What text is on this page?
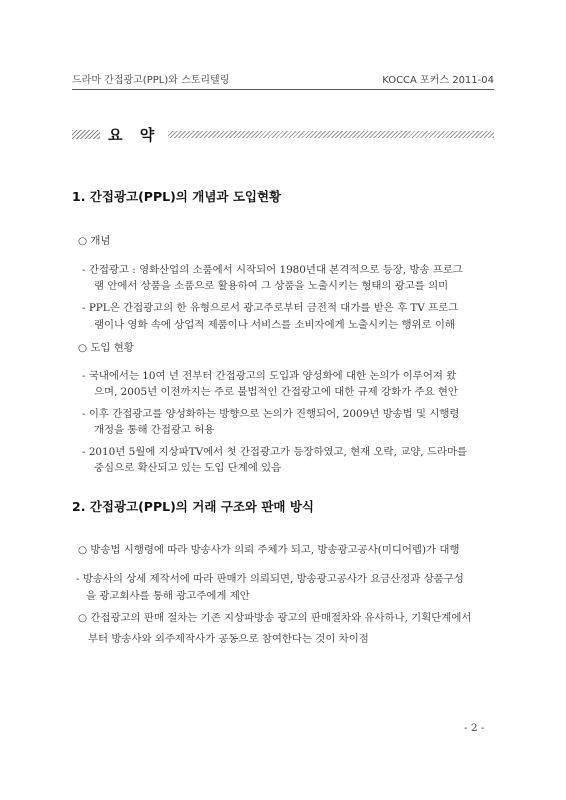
드라마 간접광고(PPL)와 스토리텔링	KOCCA 포커스 2011-04
요 약
1. 간접광고(PPL)의 개념과 도입현황
○ 개념
- 간접광고 : 영화산업의 소품에서 시작되어 1980년대 본격적으로 등장, 방송 프로그
램 안에서 상품을 소품으로 활용하여 그 상품을 노출시키는 형태의 광고를 의미
- PPL은 간접광고의 한 유형으로서 광고주로부터 금전적 대가를 받은 후 TV 프로그
램이나 영화 속에 상업적 제품이나 서비스를 소비자에게 노출시키는 행위로 이해
○ 도입 현황
- 국내에서는 10여 년 전부터 간접광고의 도입과 양성화에 대한 논의가 이루어져 왔
으며, 2005년 이전까지는 주로 불법적인 간접광고에 대한 규제 강화가 주요 현안
- 이후 간접광고를 양성화하는 방향으로 논의가 진행되어, 2009년 방송법 및 시행령
개정을 통해 간접광고 허용
- 2010년 5월에 지상파TV에서 첫 간접광고가 등장하였고, 현재 오락, 교양, 드라마를
중심으로 확산되고 있는 도입 단계에 있음
2. 간접광고(PPL)의 거래 구조와 판매 방식
○ 방송법 시행령에 따라 방송사가 의뢰 주체가 되고, 방송광고공사(미디어렙)가 대행
- 방송사의 상세 제작서에 따라 판매가 의뢰되면, 방송광고공사가 요금산정과 상품구성
을 광고회사를 통해 광고주에게 제안
○ 간접광고의 판매 절차는 기존 지상파방송 광고의 판매절차와 유사하나, 기획단계에서
부터 방송사와 외주제작사가 공동으로 참여한다는 것이 차이점
- 2 -
